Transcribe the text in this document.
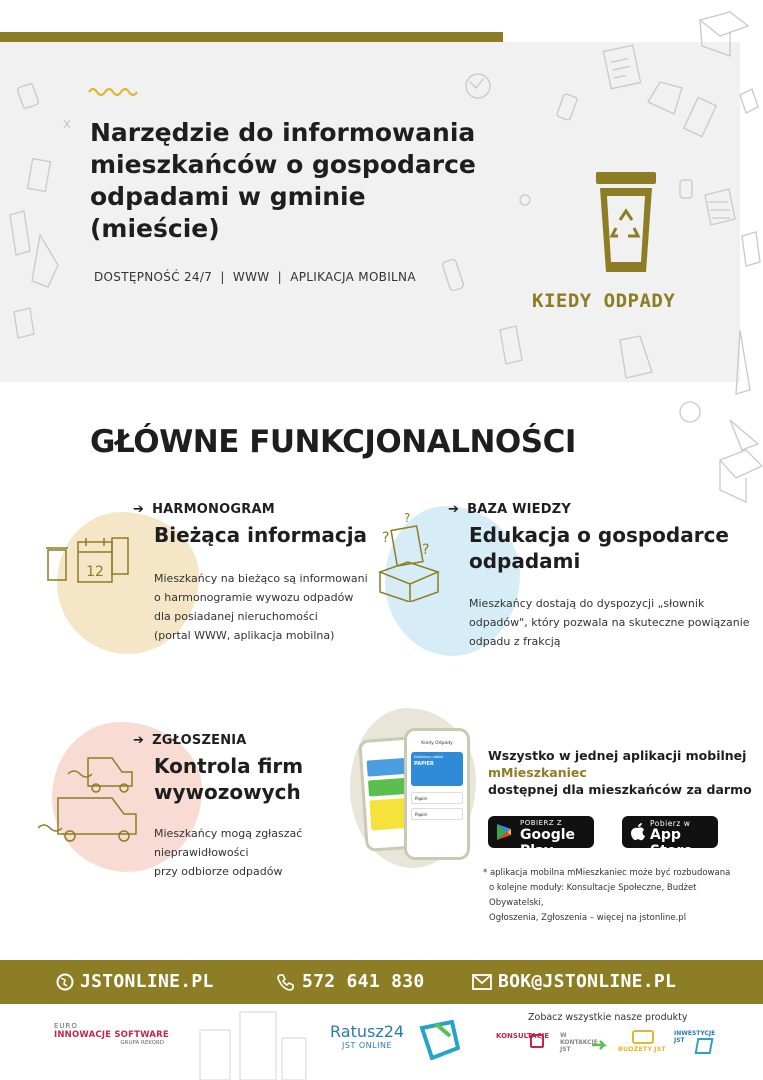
Narzędzie do informowania mieszkańców o gospodarce odpadami w gminie (mieście)
DOSTĘPNOŚĆ 24/7  |  WWW  |  APLIKACJA MOBILNA
KIEDY ODPADY
GŁÓWNE FUNKCJONALNOŚCI
12
➔ HARMONOGRAM
Bieżąca informacja
Mieszkańcy na bieżąco są informowani
o harmonogramie wywozu odpadów
dla posiadanej nieruchomości
(portal WWW, aplikacja mobilna)
?
?
?
➔ BAZA WIEDZY
Edukacja o gospodarce
odpadami
Mieszkańcy dostają do dyspozycji „słownik
odpadów", który pozwala na skuteczne powiązanie
odpadu z frakcją
➔ ZGŁOSZENIA
Kontrola firm
wywozowych
Mieszkańcy mogą zgłaszać
nieprawidłowości
przy odbiorze odpadów
Kiedy Odpady
Najbliższy odbiór
PAPIER
Papier
Papier
Wszystko w jednej aplikacji mobilnej
mMieszkaniec
dostępnej dla mieszkańców za darmo
POBIERZ Z
Google Play
Pobierz w
App Store
* aplikacja mobilna mMieszkaniec może być rozbudowana
o kolejne moduły: Konsultacje Społeczne, Budżet Obywatelski,
Ogłoszenia, Zgłoszenia – więcej na jstonline.pl
JSTONLINE.PL	572 641 830	BOK@JSTONLINE.PL
EURO
INNOWACJE SOFTWARE
GRUPA REKORD
Ratusz24
JST ONLINE
Zobacz wszystkie nasze produkty
KONSULTACJE W KONTAKCIE JST	BUDŻETY JST
INWESTYCJE JST
